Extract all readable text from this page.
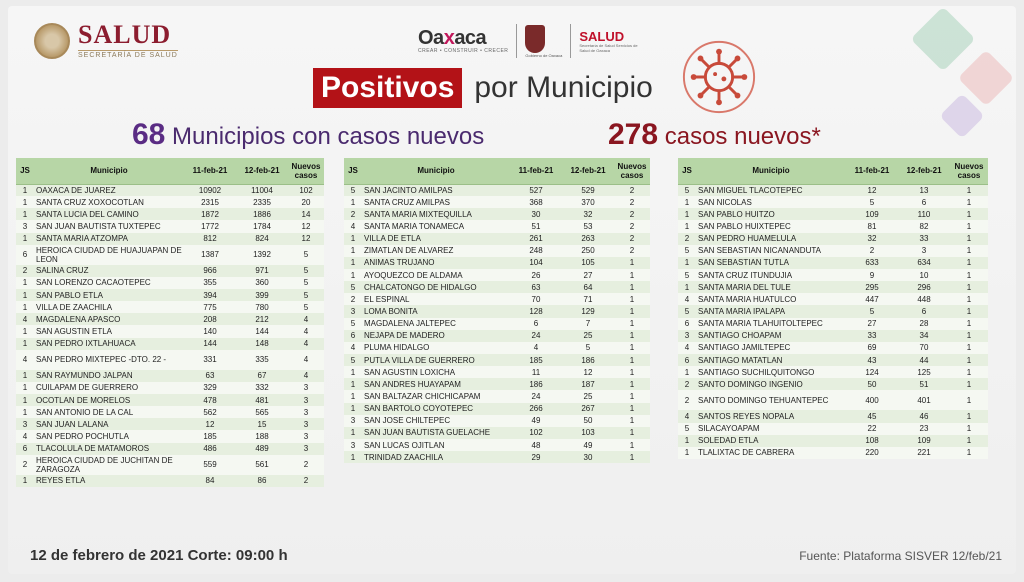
SALUD
SECRETARÍA DE SALUD
Oaxaca
CREAR • CONSTRUIR • CRECER
Gobierno de Oaxaca
SALUD
Secretaría de Salud Servicios de Salud de Oaxaca
Positivos por Municipio
68 Municipios con casos nuevos	278 casos nuevos*
JS	Municipio	11-feb-21	12-feb-21	Nuevos casos
1	OAXACA DE JUAREZ	10902	11004	102
1	SANTA CRUZ XOXOCOTLAN	2315	2335	20
1	SANTA LUCIA DEL CAMINO	1872	1886	14
3	SAN JUAN BAUTISTA TUXTEPEC	1772	1784	12
1	SANTA MARIA ATZOMPA	812	824	12
6	HEROICA CIUDAD DE HUAJUAPAN DE LEON	1387	1392	5
2	SALINA CRUZ	966	971	5
1	SAN LORENZO CACAOTEPEC	355	360	5
1	SAN PABLO ETLA	394	399	5
1	VILLA DE ZAACHILA	775	780	5
4	MAGDALENA APASCO	208	212	4
1	SAN AGUSTIN ETLA	140	144	4
1	SAN PEDRO IXTLAHUACA	144	148	4
4	SAN PEDRO MIXTEPEC -DTO. 22 -	331	335	4
1	SAN RAYMUNDO JALPAN	63	67	4
1	CUILAPAM DE GUERRERO	329	332	3
1	OCOTLAN DE MORELOS	478	481	3
1	SAN ANTONIO DE LA CAL	562	565	3
3	SAN JUAN LALANA	12	15	3
4	SAN PEDRO POCHUTLA	185	188	3
6	TLACOLULA DE MATAMOROS	486	489	3
2	HEROICA CIUDAD DE JUCHITAN DE ZARAGOZA	559	561	2
1	REYES ETLA	84	86	2
JS	Municipio	11-feb-21	12-feb-21	Nuevos casos
5	SAN JACINTO AMILPAS	527	529	2
1	SANTA CRUZ AMILPAS	368	370	2
2	SANTA MARIA MIXTEQUILLA	30	32	2
4	SANTA MARIA TONAMECA	51	53	2
1	VILLA DE ETLA	261	263	2
1	ZIMATLAN DE ALVAREZ	248	250	2
1	ANIMAS TRUJANO	104	105	1
1	AYOQUEZCO DE ALDAMA	26	27	1
5	CHALCATONGO DE HIDALGO	63	64	1
2	EL ESPINAL	70	71	1
3	LOMA BONITA	128	129	1
5	MAGDALENA JALTEPEC	6	7	1
6	NEJAPA DE MADERO	24	25	1
4	PLUMA HIDALGO	4	5	1
5	PUTLA VILLA DE GUERRERO	185	186	1
1	SAN AGUSTIN LOXICHA	11	12	1
1	SAN ANDRES HUAYAPAM	186	187	1
1	SAN BALTAZAR CHICHICAPAM	24	25	1
1	SAN BARTOLO COYOTEPEC	266	267	1
3	SAN JOSE CHILTEPEC	49	50	1
1	SAN JUAN BAUTISTA GUELACHE	102	103	1
3	SAN LUCAS OJITLAN	48	49	1
1	TRINIDAD ZAACHILA	29	30	1
JS	Municipio	11-feb-21	12-feb-21	Nuevos casos
5	SAN MIGUEL TLACOTEPEC	12	13	1
1	SAN NICOLAS	5	6	1
1	SAN PABLO HUITZO	109	110	1
1	SAN PABLO HUIXTEPEC	81	82	1
2	SAN PEDRO HUAMELULA	32	33	1
5	SAN SEBASTIAN NICANANDUTA	2	3	1
1	SAN SEBASTIAN TUTLA	633	634	1
5	SANTA CRUZ ITUNDUJIA	9	10	1
1	SANTA MARIA DEL TULE	295	296	1
4	SANTA MARIA HUATULCO	447	448	1
5	SANTA MARIA IPALAPA	5	6	1
6	SANTA MARIA TLAHUITOLTEPEC	27	28	1
3	SANTIAGO CHOAPAM	33	34	1
4	SANTIAGO JAMILTEPEC	69	70	1
6	SANTIAGO MATATLAN	43	44	1
1	SANTIAGO SUCHILQUITONGO	124	125	1
2	SANTO DOMINGO INGENIO	50	51	1
2	SANTO DOMINGO TEHUANTEPEC	400	401	1
4	SANTOS REYES NOPALA	45	46	1
5	SILACAYOAPAM	22	23	1
1	SOLEDAD ETLA	108	109	1
1	TLALIXTAC DE CABRERA	220	221	1
12 de febrero de 2021 Corte: 09:00 h	Fuente: Plataforma SISVER 12/feb/21
